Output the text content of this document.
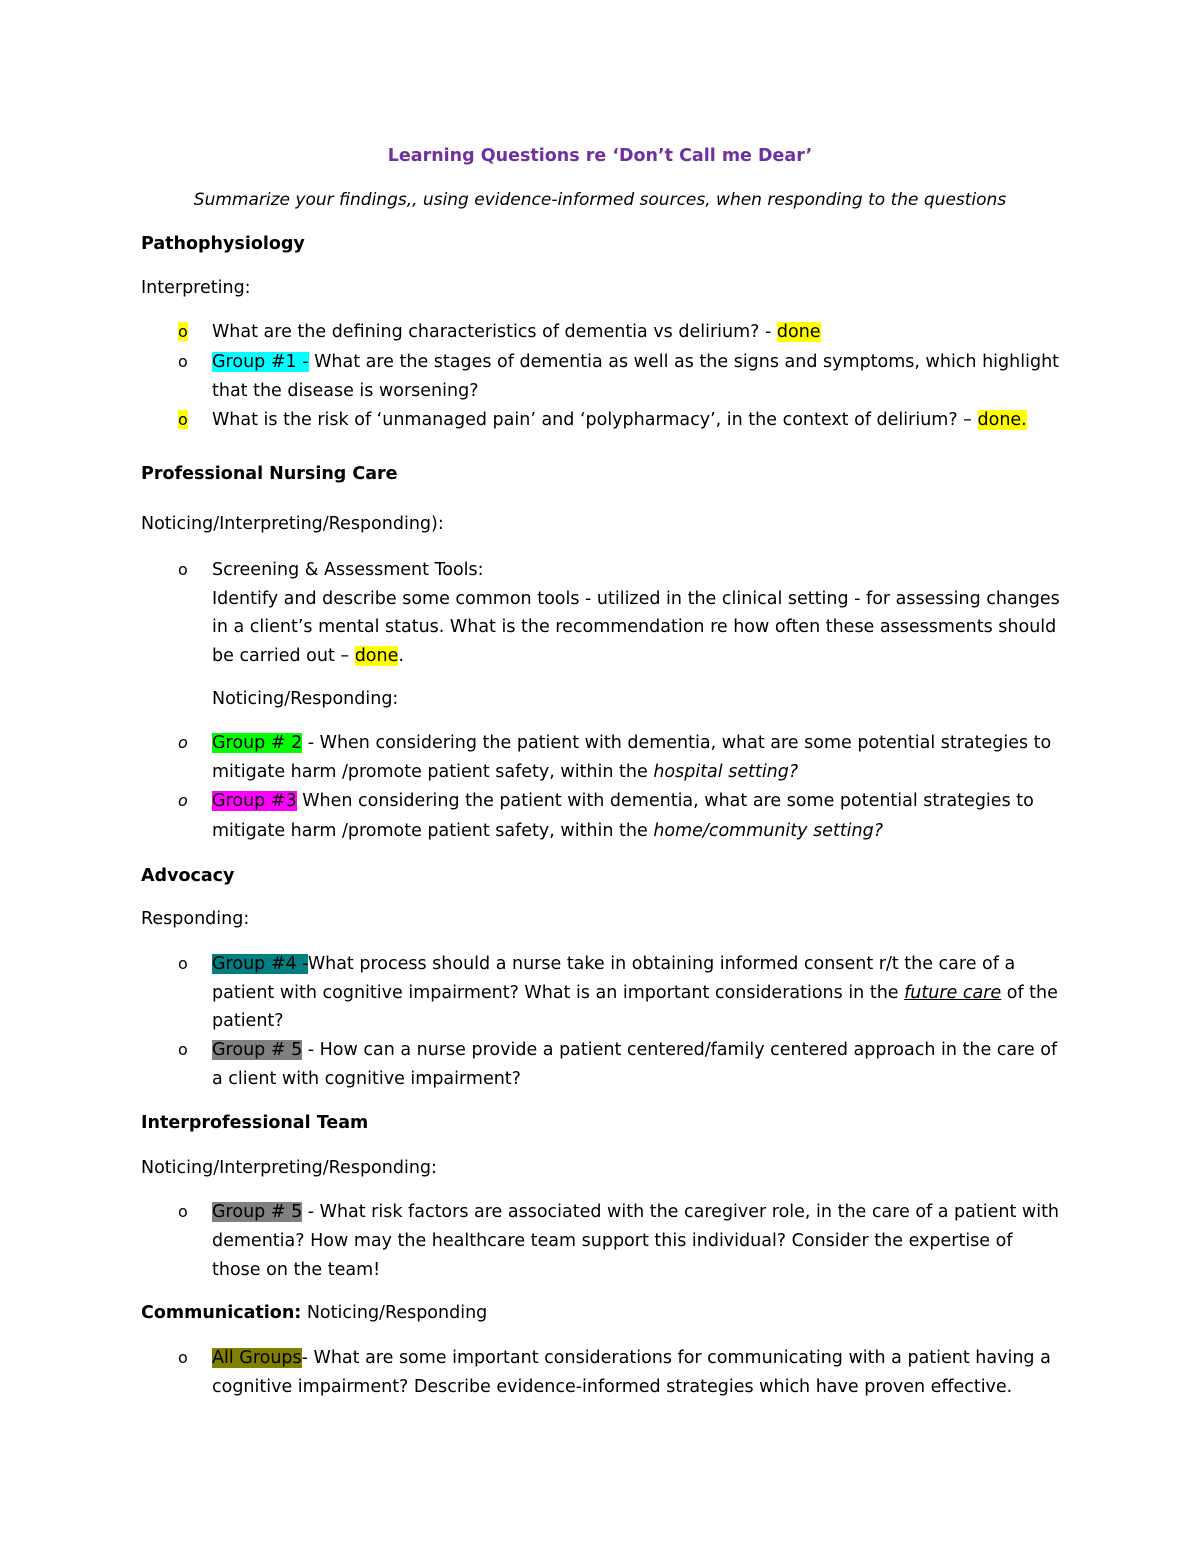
Learning Questions re ‘Don’t Call me Dear’
Summarize your findings,, using evidence-informed sources, when responding to the questions
Pathophysiology
Interpreting:
o	What are the defining characteristics of dementia vs delirium? - done
o	Group #1 - What are the stages of dementia as well as the signs and symptoms, which highlight
that the disease is worsening?
o	What is the risk of ‘unmanaged pain’ and ‘polypharmacy’, in the context of delirium? – done.
Professional Nursing Care
Noticing/Interpreting/Responding):
o	Screening & Assessment Tools:
Identify and describe some common tools - utilized in the clinical setting - for assessing changes
in a client’s mental status. What is the recommendation re how often these assessments should
be carried out – done.
Noticing/Responding:
o	Group # 2 - When considering the patient with dementia, what are some potential strategies to
mitigate harm /promote patient safety, within the hospital setting?
o	Group #3 When considering the patient with dementia, what are some potential strategies to
mitigate harm /promote patient safety, within the home/community setting?
Advocacy
Responding:
o	Group #4 -What process should a nurse take in obtaining informed consent r/t the care of a
patient with cognitive impairment? What is an important considerations in the future care of the
patient?
o	Group # 5 - How can a nurse provide a patient centered/family centered approach in the care of
a client with cognitive impairment?
Interprofessional Team
Noticing/Interpreting/Responding:
o	Group # 5 - What risk factors are associated with the caregiver role, in the care of a patient with
dementia? How may the healthcare team support this individual? Consider the expertise of
those on the team!
Communication: Noticing/Responding
o	All Groups- What are some important considerations for communicating with a patient having a
cognitive impairment? Describe evidence-informed strategies which have proven effective.
